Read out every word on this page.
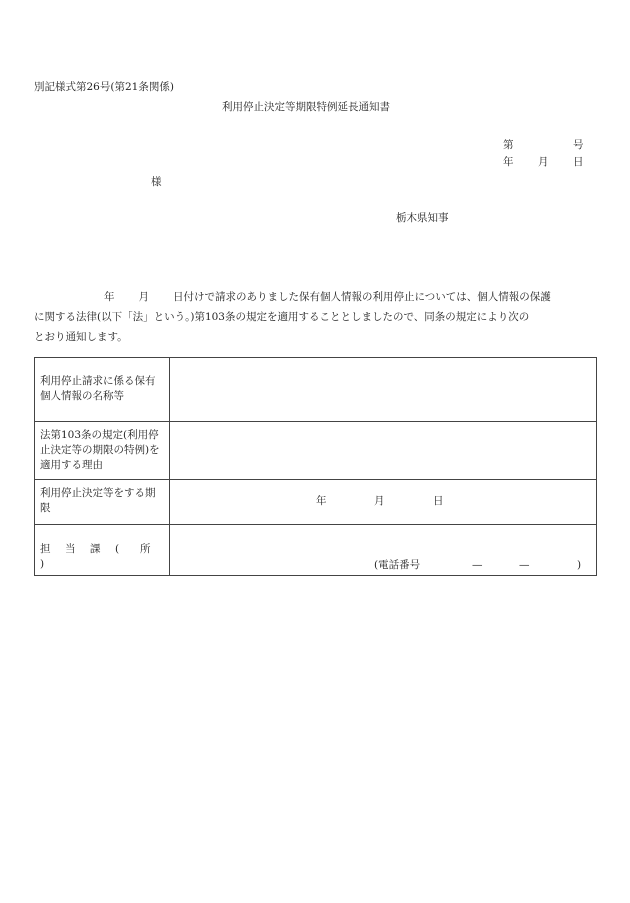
別記様式第26号(第21条関係)
利用停止決定等期限特例延長通知書
第	号
年 月 日
様
栃木県知事
年 月 日付けで請求のありました保有個人情報の利用停止については、個人情報の保護
に関する法律(以下「法」という。)第103条の規定を適用することとしましたので、同条の規定により次の
とおり通知します。
利用停止請求に係る保有個人情報の名称等	
法第103条の規定(利用停止決定等の期限の特例)を適用する理由	
利用停止決定等をする期限	年 月 日

担 当 課 ( 所)	(電話番号 — — )
